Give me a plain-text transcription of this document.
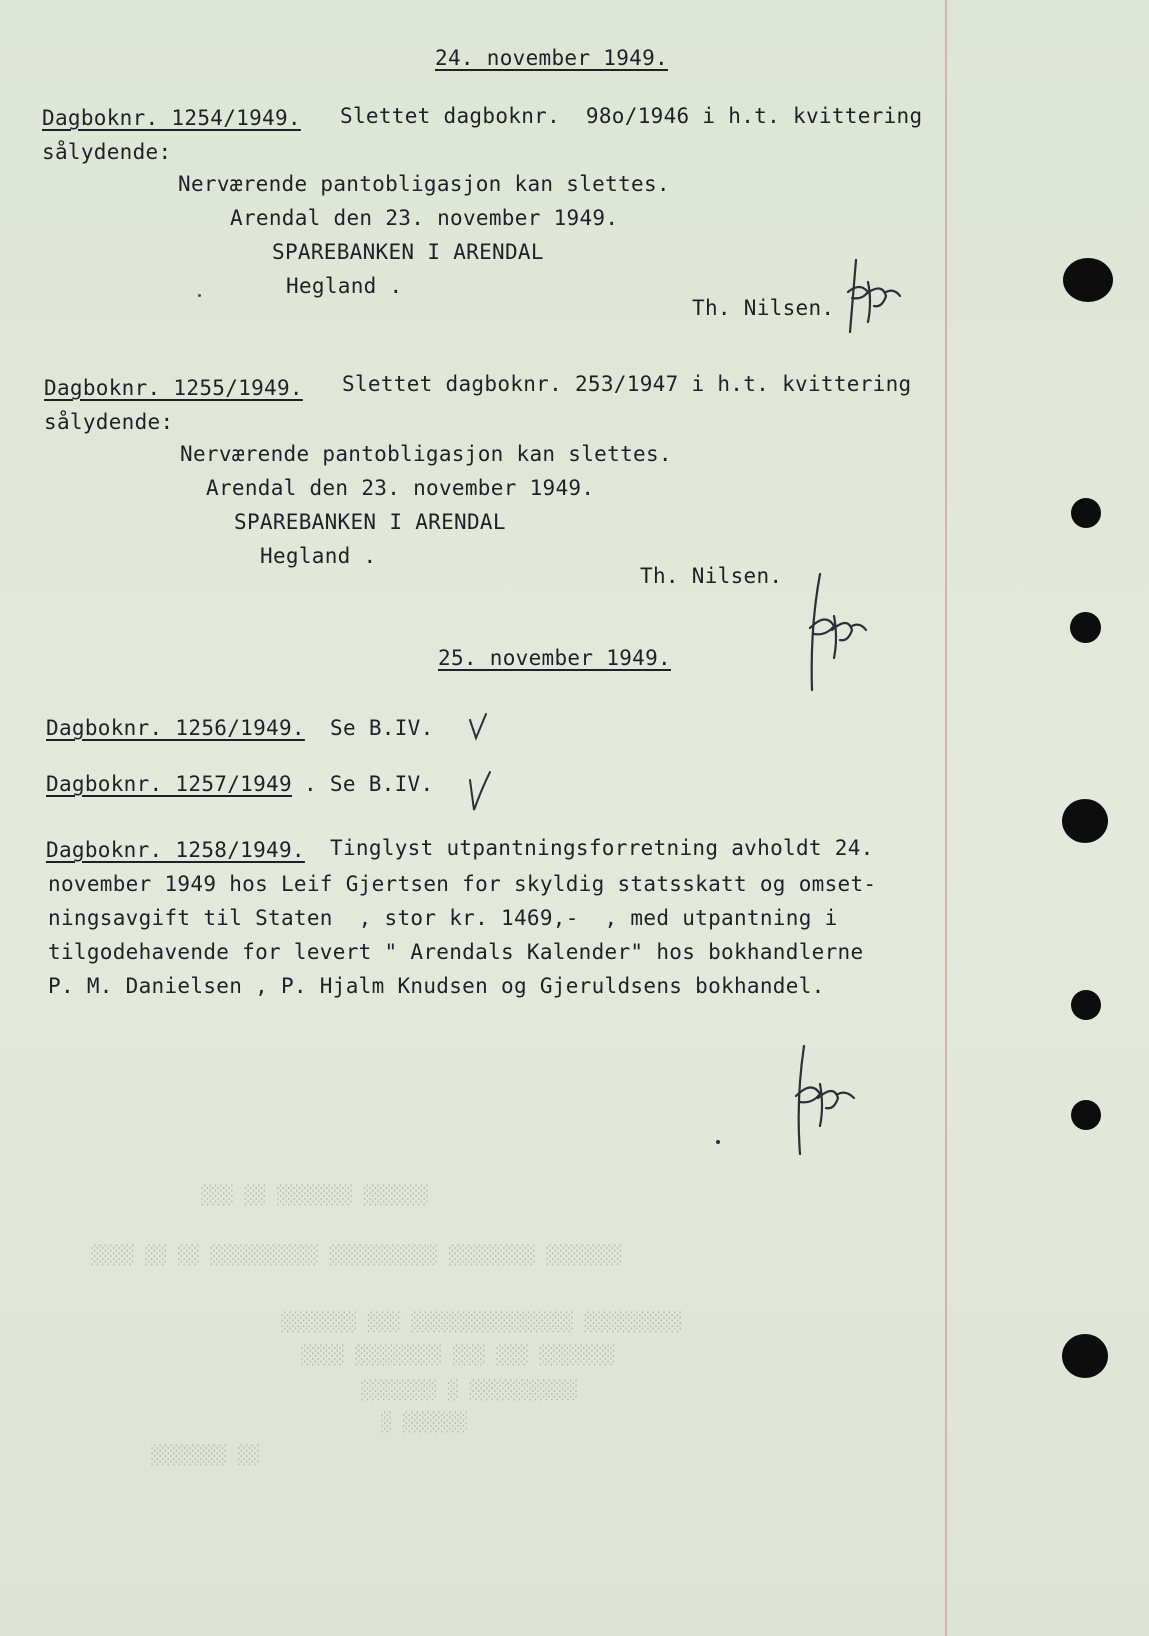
░░░░░░ ░░░░░░░ ░░ ░░░
░░░░░░░ ░░░░░░░░ ░░░░░░░░░░ ░░░░░░░░░░ ░░ ░░ ░░░░
░░░░░░░░░ ░░░░░░░░░░░░░░░ ░░░ ░░░░░░░
░░░░░░░ ░░░ ░░░ ░░░░░░░░ ░░░░
░░░░░░░░░░ ░ ░░░░░░░
░░░░░░ ░
░░ ░░░░░░░
24. november 1949.
Dagboknr. 1254/1949. Slettet dagboknr.  98o/1946 i h.t. kvittering
sålydende:
Nerværende pantobligasjon kan slettes.
Arendal den 23. november 1949.
SPAREBANKEN I ARENDAL
Hegland .
Th. Nilsen.
Dagboknr. 1255/1949. Slettet dagboknr. 253/1947 i h.t. kvittering
sålydende:
Nerværende pantobligasjon kan slettes.
Arendal den 23. november 1949.
SPAREBANKEN I ARENDAL
Hegland .
Th. Nilsen.
25. november 1949.
Dagboknr. 1256/1949. Se B.IV.
Dagboknr. 1257/1949 . Se B.IV.
Dagboknr. 1258/1949. Tinglyst utpantningsforretning avholdt 24.
november 1949 hos Leif Gjertsen for skyldig statsskatt og omset-
ningsavgift til Staten  , stor kr. 1469,-  , med utpantning i
tilgodehavende for levert " Arendals Kalender" hos bokhandlerne
P. M. Danielsen , P. Hjalm Knudsen og Gjeruldsens bokhandel.
